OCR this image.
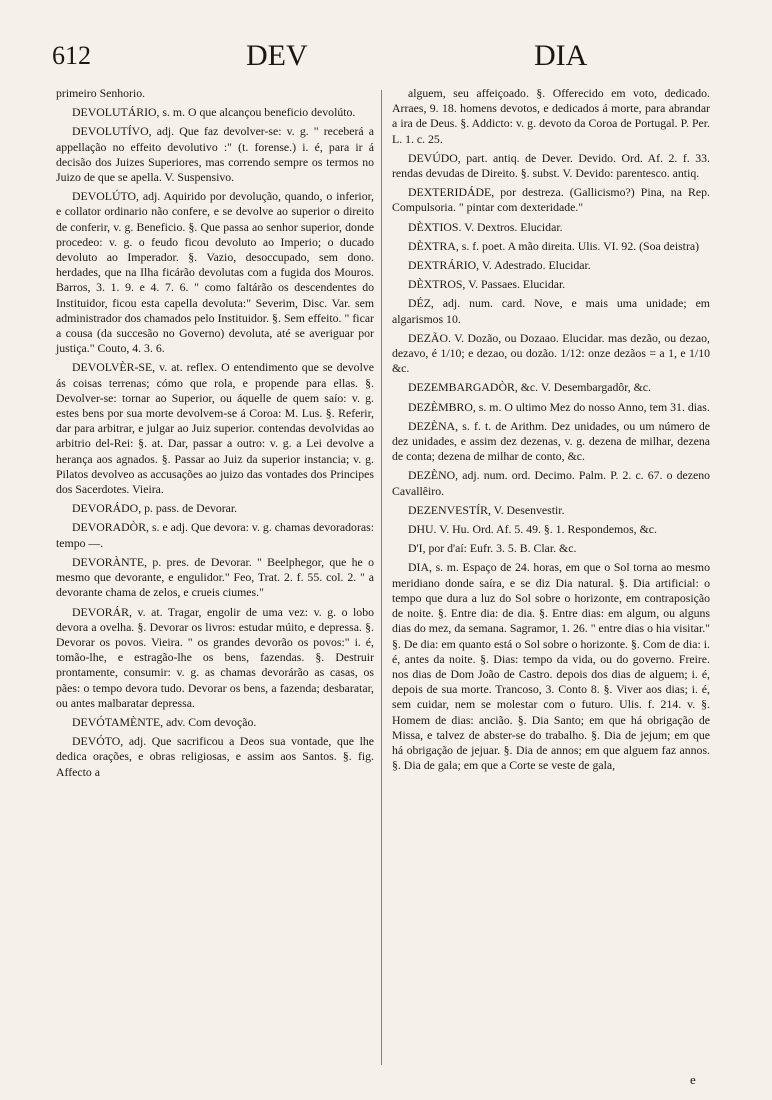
612	DEV	DIA

primeiro Senhorio.

DEVOLUTÁRIO, s. m. O que alcançou beneficio devolúto.

DEVOLUTÍVO, adj. Que faz devolver-se: v. g. " receberá a appellação no effeito devolutivo :" (t. forense.) i. é, para ir á decisão dos Juizes Superiores, mas correndo sempre os termos no Juizo de que se apella. V. Suspensivo.

DEVOLÚTO, adj. Aquirido por devolução, quando, o inferior, e collator ordinario não confere, e se devolve ao superior o direito de conferir, v. g. Beneficio. §. Que passa ao senhor superior, donde procedeo: v. g. o feudo ficou devoluto ao Imperio; o ducado devoluto ao Imperador. §. Vazio, desoccupado, sem dono. herdades, que na Ilha ficárão devolutas com a fugida dos Mouros. Barros, 3. 1. 9. e 4. 7. 6. " como faltárão os descendentes do Instituidor, ficou esta capella devoluta:" Severim, Disc. Var. sem administrador dos chamados pelo Instituidor. §. Sem effeito. " ficar a cousa (da succesão no Governo) devoluta, até se averiguar por justiça." Couto, 4. 3. 6.

DEVOLVÈR-SE, v. at. reflex. O entendimento que se devolve ás coisas terrenas; cómo que rola, e propende para ellas. §. Devolver-se: tornar ao Superior, ou áquelle de quem saío: v. g. estes bens por sua morte devolvem-se á Coroa: M. Lus. §. Referir, dar para arbitrar, e julgar ao Juiz superior. contendas devolvidas ao arbitrio del-Rei: §. at. Dar, passar a outro: v. g. a Lei devolve a herança aos agnados. §. Passar ao Juiz da superior instancia; v. g. Pilatos devolveo as accusações ao juizo das vontades dos Principes dos Sacerdotes. Vieira.

DEVORÁDO, p. pass. de Devorar.

DEVORADÒR, s. e adj. Que devora: v. g. chamas devoradoras: tempo —.

DEVORÀNTE, p. pres. de Devorar. " Beelphegor, que he o mesmo que devorante, e engulidor." Feo, Trat. 2. f. 55. col. 2. " a devorante chama de zelos, e crueis ciumes."

DEVORÁR, v. at. Tragar, engolir de uma vez: v. g. o lobo devora a ovelha. §. Devorar os livros: estudar múito, e depressa. §. Devorar os povos. Vieira. " os grandes devorão os povos:" i. é, tomão-lhe, e estragão-lhe os bens, fazendas. §. Destruir prontamente, consumir: v. g. as chamas devorárão as casas, os pães: o tempo devora tudo. Devorar os bens, a fazenda; desbaratar, ou antes malbaratar depressa.

DEVÓTAMÈNTE, adv. Com devoção.

DEVÓTO, adj. Que sacrificou a Deos sua vontade, que lhe dedica orações, e obras religiosas, e assim aos Santos. §. fig. Affecto a

alguem, seu affeiçoado. §. Offerecido em voto, dedicado. Arraes, 9. 18. homens devotos, e dedicados á morte, para abrandar a ira de Deus. §. Addicto: v. g. devoto da Coroa de Portugal. P. Per. L. 1. c. 25.

DEVÚDO, part. antiq. de Dever. Devido. Ord. Af. 2. f. 33. rendas devudas de Direito. §. subst. V. Devido: parentesco. antiq.

DEXTERIDÁDE, por destreza. (Gallicismo?) Pina, na Rep. Compulsoria. " pintar com dexteridade."

DÈXTIOS. V. Dextros. Elucidar.

DÈXTRA, s. f. poet. A mão direita. Ulis. VI. 92. (Soa deistra)

DEXTRÁRIO, V. Adestrado. Elucidar.

DÈXTROS, V. Passaes. Elucidar.

DÉZ, adj. num. card. Nove, e mais uma unidade; em algarismos 10.

DEZÃO. V. Dozão, ou Dozaao. Elucidar. mas dezão, ou dezao, dezavo, é 1/10; e dezao, ou dozão. 1/12: onze dezãos = a 1, e 1/10 &c.

DEZEMBARGADÒR, &c. V. Desembargadôr, &c.

DEZÈMBRO, s. m. O ultimo Mez do nosso Anno, tem 31. dias.

DEZÈNA, s. f. t. de Arithm. Dez unidades, ou um número de dez unidades, e assim dez dezenas, v. g. dezena de milhar, dezena de conta; dezena de milhar de conto, &c.

DEZÈNO, adj. num. ord. Decimo. Palm. P. 2. c. 67. o dezeno Cavallêiro.

DEZENVESTÍR, V. Desenvestir.

DHU. V. Hu. Ord. Af. 5. 49. §. 1. Respondemos, &c.

D'I, por d'aí: Eufr. 3. 5. B. Clar. &c.

DIA, s. m. Espaço de 24. horas, em que o Sol torna ao mesmo meridiano donde saíra, e se diz Dia natural. §. Dia artificial: o tempo que dura a luz do Sol sobre o horizonte, em contraposição de noite. §. Entre dia: de dia. §. Entre dias: em algum, ou alguns dias do mez, da semana. Sagramor, 1. 26. " entre dias o hia visitar." §. De dia: em quanto está o Sol sobre o horizonte. §. Com de dia: i. é, antes da noite. §. Dias: tempo da vida, ou do governo. Freire. nos dias de Dom João de Castro. depois dos dias de alguem; i. é, depois de sua morte. Trancoso, 3. Conto 8. §. Viver aos dias; i. é, sem cuidar, nem se molestar com o futuro. Ulis. f. 214. v. §. Homem de dias: ancião. §. Dia Santo; em que há obrigação de Missa, e talvez de abster-se do trabalho. §. Dia de jejum; em que há obrigação de jejuar. §. Dia de annos; em que alguem faz annos. §. Dia de gala; em que a Corte se veste de gala,

e
